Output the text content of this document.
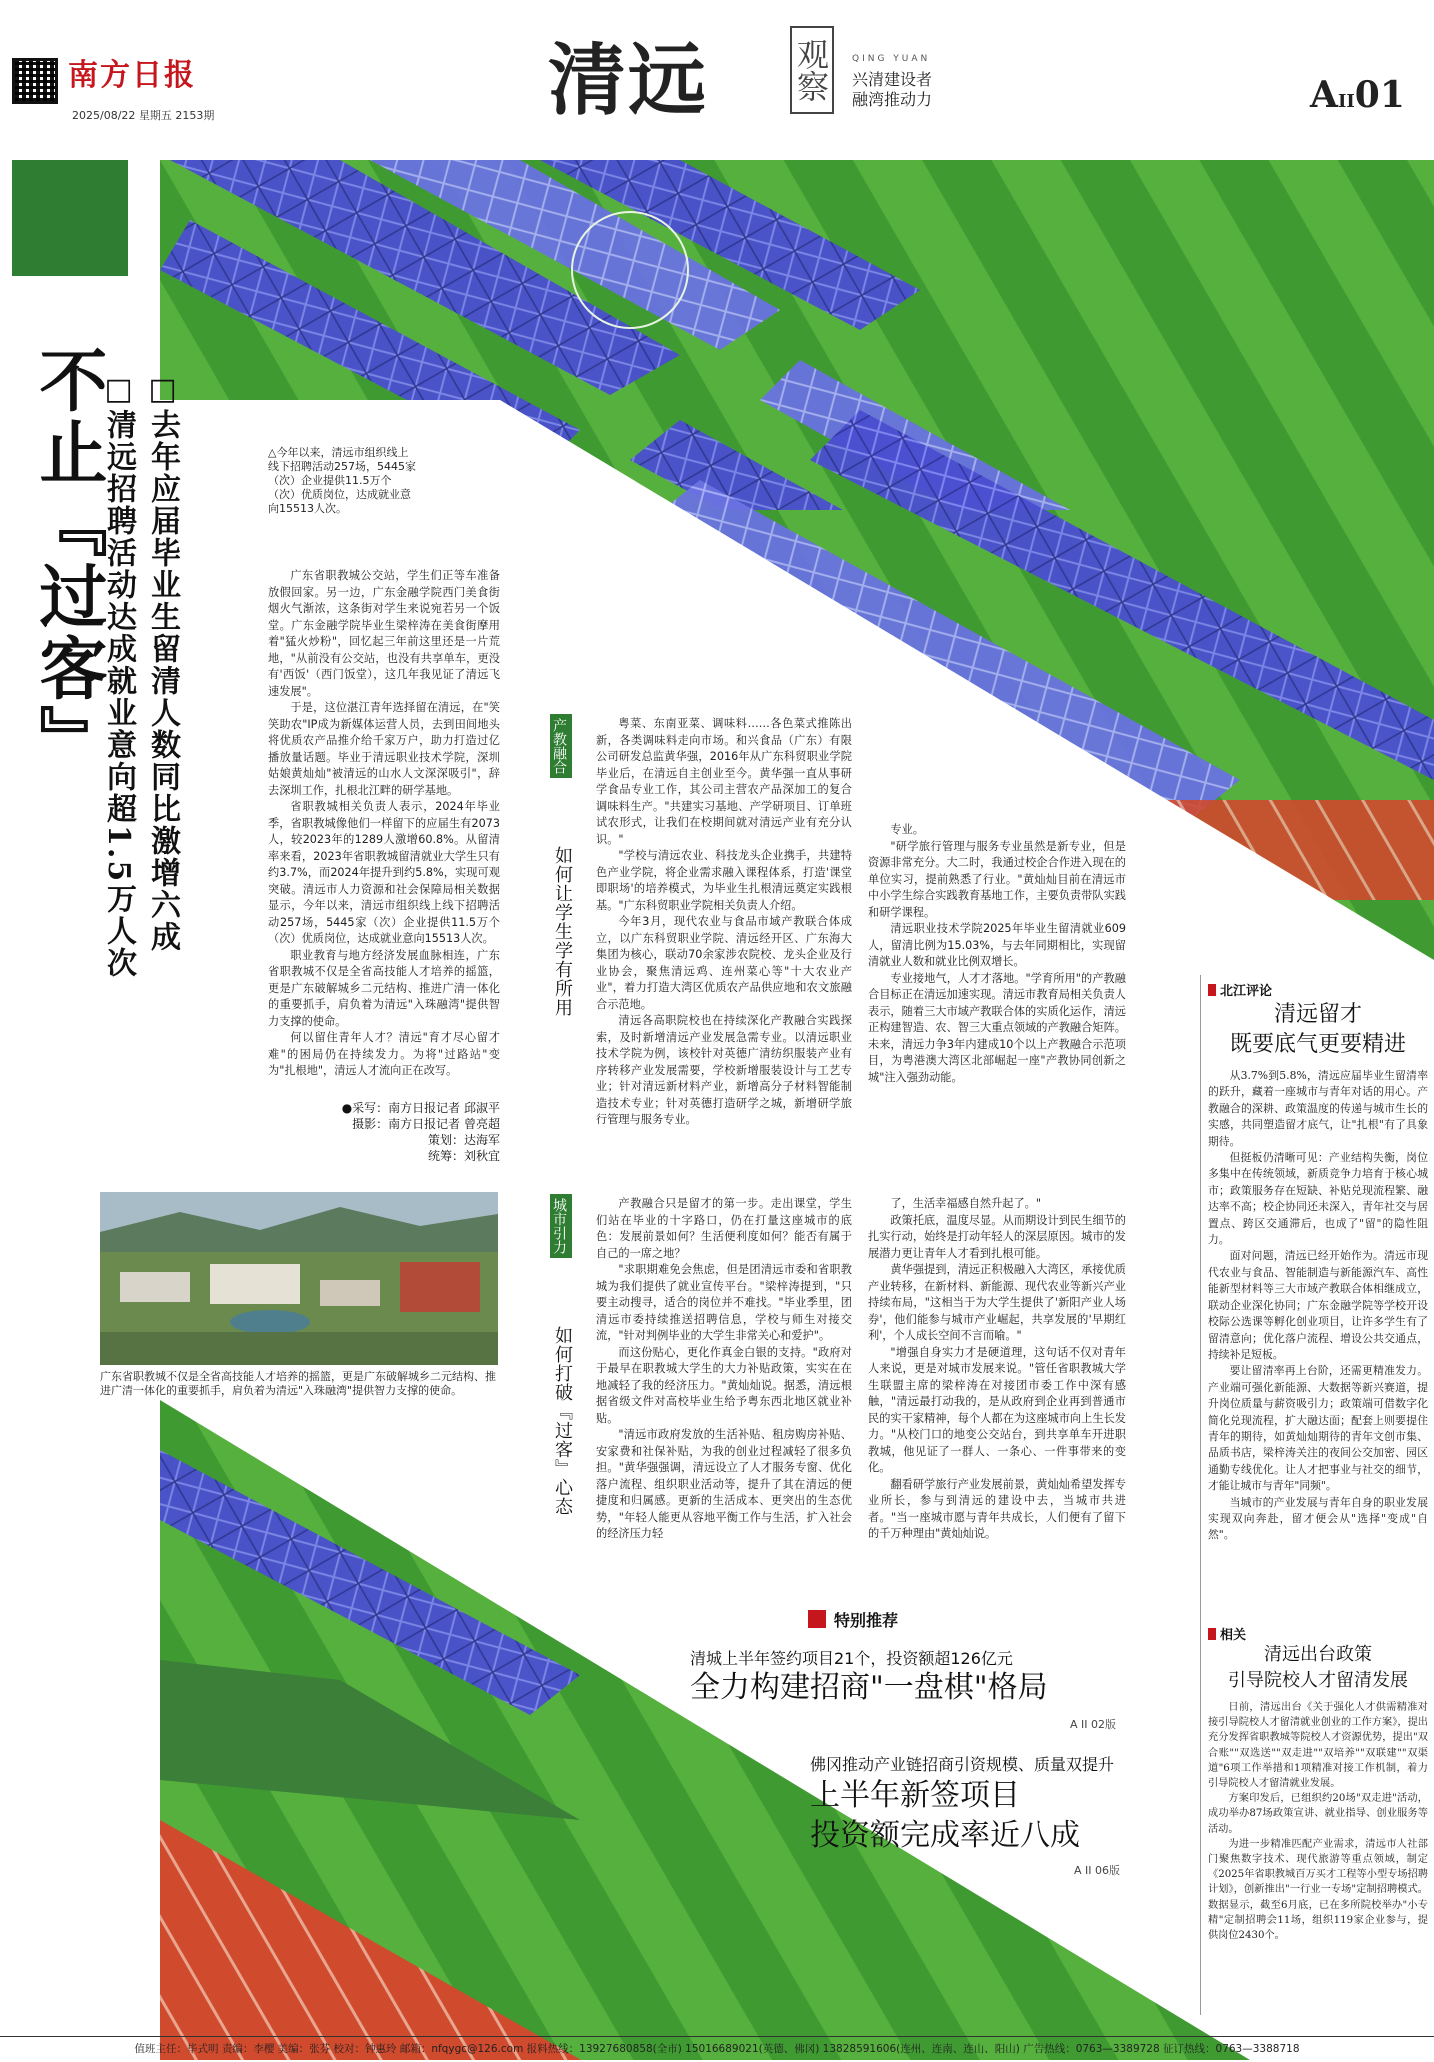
南方日报
2025/08/22 星期五 2153期	清远	观察	QING YUAN
兴清建设者
融湾推动力	AII01
不止『过客』	□去年应届毕业生留清人数同比激增六成
□清远招聘活动达成就业意向超1.5万人次	△今年以来，清远市组织线上线下招聘活动257场，5445家（次）企业提供11.5万个（次）优质岗位，达成就业意向15513人次。

广东省职教城公交站，学生们正等车准备放假回家。另一边，广东金融学院西门美食街烟火气渐浓，这条街对学生来说宛若另一个饭堂。广东金融学院毕业生梁梓涛在美食街摩用着"猛火炒粉"，回忆起三年前这里还是一片荒地，"从前没有公交站，也没有共享单车，更没有'西饭'（西门饭堂），这几年我见证了清远飞速发展"。

于是，这位湛江青年选择留在清远，在"笑笑助农"IP成为新媒体运营人员，去到田间地头将优质农产品推介给千家万户，助力打造过亿播放量话题。毕业于清远职业技术学院，深圳姑娘黄灿灿"被清远的山水人文深深吸引"，辞去深圳工作，扎根北江畔的研学基地。

省职教城相关负责人表示，2024年毕业季，省职教城像他们一样留下的应届生有2073人，较2023年的1289人激增60.8%。从留清率来看，2023年省职教城留清就业大学生只有约3.7%，而2024年提升到约5.8%，实现可观突破。清远市人力资源和社会保障局相关数据显示，今年以来，清远市组织线上线下招聘活动257场，5445家（次）企业提供11.5万个（次）优质岗位，达成就业意向15513人次。

职业教育与地方经济发展血脉相连，广东省职教城不仅是全省高技能人才培养的摇篮，更是广东破解城乡二元结构、推进广清一体化的重要抓手，肩负着为清远"入珠融湾"提供智力支撑的使命。

何以留住青年人才？清远"育才尽心留才难"的困局仍在持续发力。为将"过路站"变为"扎根地"，清远人才流向正在改写。

●采写：南方日报记者 邱淑平
摄影：南方日报记者 曾亮超
策划：达海军
统筹：刘秋宜
产教融合
如何让学生学有所用

粤菜、东南亚菜、调味料……各色菜式推陈出新，各类调味料走向市场。和兴食品（广东）有限公司研发总监黄华强，2016年从广东科贸职业学院毕业后，在清远自主创业至今。黄华强一直从事研学食品专业工作，其公司主营农产品深加工的复合调味料生产。"共建实习基地、产学研项目、订单班试农形式，让我们在校期间就对清远产业有充分认识。"

"学校与清远农业、科技龙头企业携手，共建特色产业学院，将企业需求融入课程体系，打造'课堂即职场'的培养模式，为毕业生扎根清远奠定实践根基。"广东科贸职业学院相关负责人介绍。

今年3月，现代农业与食品市域产教联合体成立，以广东科贸职业学院、清远经开区、广东海大集团为核心，联动70余家涉农院校、龙头企业及行业协会，聚焦清远鸡、连州菜心等"十大农业产业"，着力打造大湾区优质农产品供应地和农文旅融合示范地。

清远各高职院校也在持续深化产教融合实践探索，及时新增清远产业发展急需专业。以清远职业技术学院为例，该校针对英德广清纺织服装产业有序转移产业发展需要，学校新增服装设计与工艺专业；针对清远新材料产业，新增高分子材料智能制造技术专业；针对英德打造研学之城，新增研学旅行管理与服务专业。

专业。

"研学旅行管理与服务专业虽然是新专业，但是资源非常充分。大二时，我通过校企合作进入现在的单位实习，提前熟悉了行业。"黄灿灿目前在清远市中小学生综合实践教育基地工作，主要负责带队实践和研学课程。

清远职业技术学院2025年毕业生留清就业609人，留清比例为15.03%，与去年同期相比，实现留清就业人数和就业比例双增长。

专业接地气，人才才落地。"学育所用"的产教融合目标正在清远加速实现。清远市教育局相关负责人表示，随着三大市域产教联合体的实质化运作，清远正构建智造、农、智三大重点领域的产教融合矩阵。未来，清远力争3年内建成10个以上产教融合示范项目，为粤港澳大湾区北部崛起一座"产教协同创新之城"注入强劲动能。

城市引力
如何打破『过客』心态

产教融合只是留才的第一步。走出课堂，学生们站在毕业的十字路口，仍在打量这座城市的底色：发展前景如何？生活便利度如何？能否有属于自己的一席之地？

"求职期难免会焦虑，但是团清远市委和省职教城为我们提供了就业宣传平台。"梁梓涛提到，"只要主动搜寻，适合的岗位并不难找。"毕业季里，团清远市委持续推送招聘信息，学校与师生对接交流，"针对判例毕业的大学生非常关心和爱护"。

而这份贴心，更化作真金白银的支持。"政府对于最早在职教城大学生的大力补贴政策，实实在在地减轻了我的经济压力。"黄灿灿说。据悉，清远根据省级文件对高校毕业生给予粤东西北地区就业补贴。

"清远市政府发放的生活补贴、租房购房补贴、安家费和社保补贴，为我的创业过程减轻了很多负担。"黄华强强调，清远设立了人才服务专窗、优化落户流程、组织职业活动等，提升了其在清远的便捷度和归属感。更新的生活成本、更突出的生态优势，"年轻人能更从容地平衡工作与生活，扩入社会的经济压力轻

了，生活幸福感自然升起了。"

政策托底，温度尽显。从而期设计到民生细节的扎实行动，始终是打动年轻人的深层原因。城市的发展潜力更让青年人才看到扎根可能。

黄华强提到，清远正积极融入大湾区，承接优质产业转移，在新材料、新能源、现代农业等新兴产业持续布局，"这相当于为大学生提供了'新阳产业人场券'，他们能参与城市产业崛起，共享发展的'早期红利'，个人成长空间不言而喻。"

"增强自身实力才是硬道理，这句话不仅对青年人来说，更是对城市发展来说。"管任省职教城大学生联盟主席的梁梓涛在对接团市委工作中深有感触，"清远最打动我的，是从政府到企业再到普通市民的实干家精神，每个人都在为这座城市向上生长发力。"从校门口的地变公交站台，到共享单车开进职教城，他见证了一群人、一条心、一件事带来的变化。

翻看研学旅行产业发展前景，黄灿灿希望发挥专业所长，参与到清远的建设中去，当城市共进者。"当一座城市愿与青年共成长，人们便有了留下的千万种理由"黄灿灿说。

广东省职教城不仅是全省高技能人才培养的摇篮，更是广东破解城乡二元结构、推进广清一体化的重要抓手，肩负着为清远"入珠融湾"提供智力支撑的使命。
北江评论
清远留才
既要底气更要精进

从3.7%到5.8%，清远应届毕业生留清率的跃升，藏着一座城市与青年对话的用心。产教融合的深耕、政策温度的传递与城市生长的实感，共同塑造留才底气，让"扎根"有了具象期待。

但挺板仍清晰可见：产业结构失衡，岗位多集中在传统领域，新质竞争力培育于核心城市；政策服务存在短缺、补贴兑现流程繁、融达率不高；校企协同还未深入，青年社交与居置点、跨区交通滞后，也成了"留"的隐性阻力。

面对问题，清远已经开始作为。清远市现代农业与食品、智能制造与新能源汽车、高性能新型材料等三大市域产教联合体相继成立，联动企业深化协同；广东金融学院等学校开设校际公选课等孵化创业项目，让许多学生有了留清意向；优化落户流程、增设公共交通点，持续补足短板。

要让留清率再上台阶，还需更精准发力。产业端可强化新能源、大数据等新兴赛道，提升岗位质量与薪资吸引力；政策端可借数字化简化兑现流程，扩大融达面；配套上则要提住青年的期待，如黄灿灿期待的青年文创市集、品质书店，梁梓涛关注的夜间公交加密、园区通勤专线优化。让人才把事业与社交的细节，才能让城市与青年"同频"。

当城市的产业发展与青年自身的职业发展实现双向奔赴，留才便会从"选择"变成"自然"。

相关
清远出台政策
引导院校人才留清发展

日前，清远出台《关于强化人才供需精准对接引导院校人才留清就业创业的工作方案》，提出充分发挥省职教城等院校人才资源优势，提出"双合账""双选送""双走进""双培养""双联建""双渠道"6项工作举措和1项精准对接工作机制，着力引导院校人才留清就业发展。

方案印发后，已组织约20场"双走进"活动，成功举办87场政策宣讲、就业指导、创业服务等活动。

为进一步精准匹配产业需求，清远市人社部门聚焦数字技术、现代旅游等重点领域，制定《2025年省职教城百万买才工程等小型专场招聘计划》，创新推出"一行业一专场"定制招聘模式。数据显示，截至6月底，已在多所院校举办"小专精"定制招聘会11场，组织119家企业参与，提供岗位2430个。

特别推荐
清城上半年签约项目21个，投资额超126亿元
全力构建招商"一盘棋"格局
A II 02版
佛冈推动产业链招商引资规模、质量双提升
上半年新签项目
投资额完成率近八成
A II 06版
值班主任：毕式明 责编：李樱 美编：张芬 校对：钟惠玲 邮箱：nfqygc@126.com 报料热线：13927680858(全市) 15016689021(英德、佛冈) 13828591606(连州、连南、连山、阳山) 广告热线：0763—3389728 征订热线：0763—3388718
